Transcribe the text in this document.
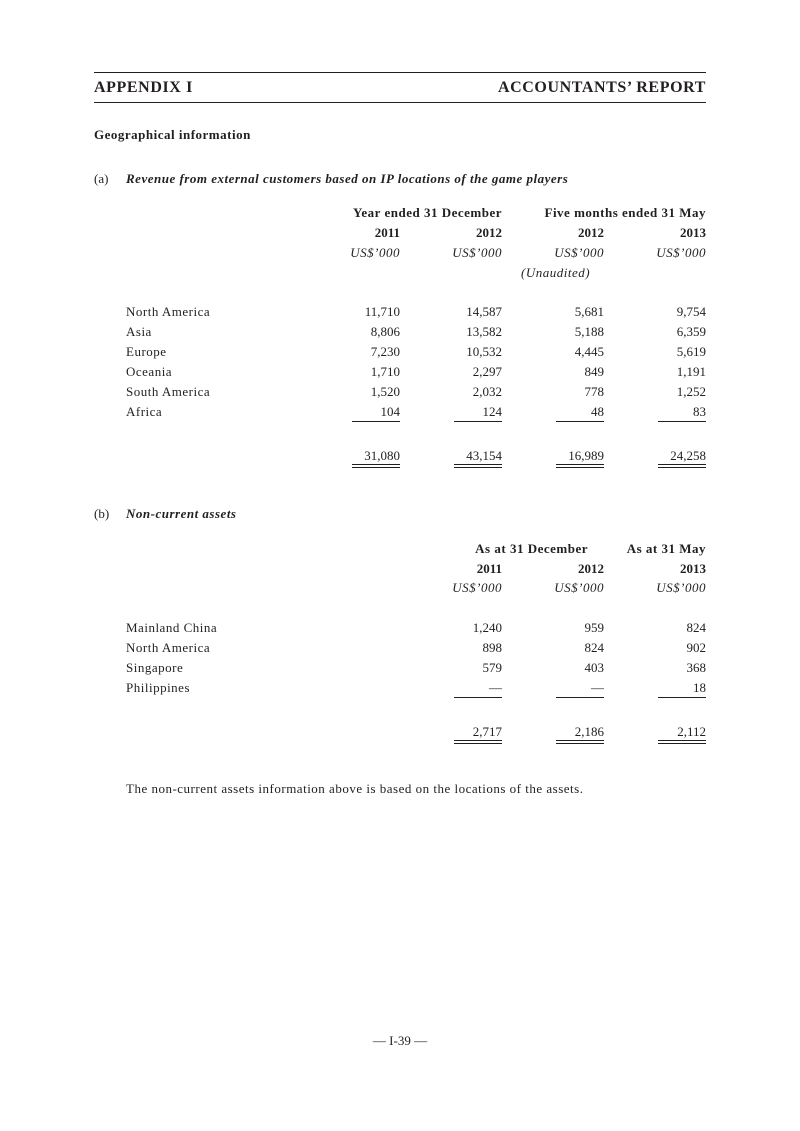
APPENDIX I	ACCOUNTANTS’ REPORT
Geographical information
(a) Revenue from external customers based on IP locations of the game players
Year ended 31 December	Five months ended 31 May
2011	2012	2012	2013
US$’000	US$’000	US$’000	US$’000
(Unaudited)
North America	11,710	14,587	5,681	9,754
Asia	8,806	13,582	5,188	6,359
Europe	7,230	10,532	4,445	5,619
Oceania	1,710	2,297	849	1,191
South America	1,520	2,032	778	1,252
Africa	104	124	48	83
31,080	43,154	16,989	24,258
(b) Non-current assets
As at 31 December	As at 31 May
2011	2012	2013
US$’000	US$’000	US$’000
Mainland China	1,240	959	824
North America	898	824	902
Singapore	579	403	368
Philippines	—	—	18
2,717	2,186	2,112
The non-current assets information above is based on the locations of the assets.
— I-39 —
